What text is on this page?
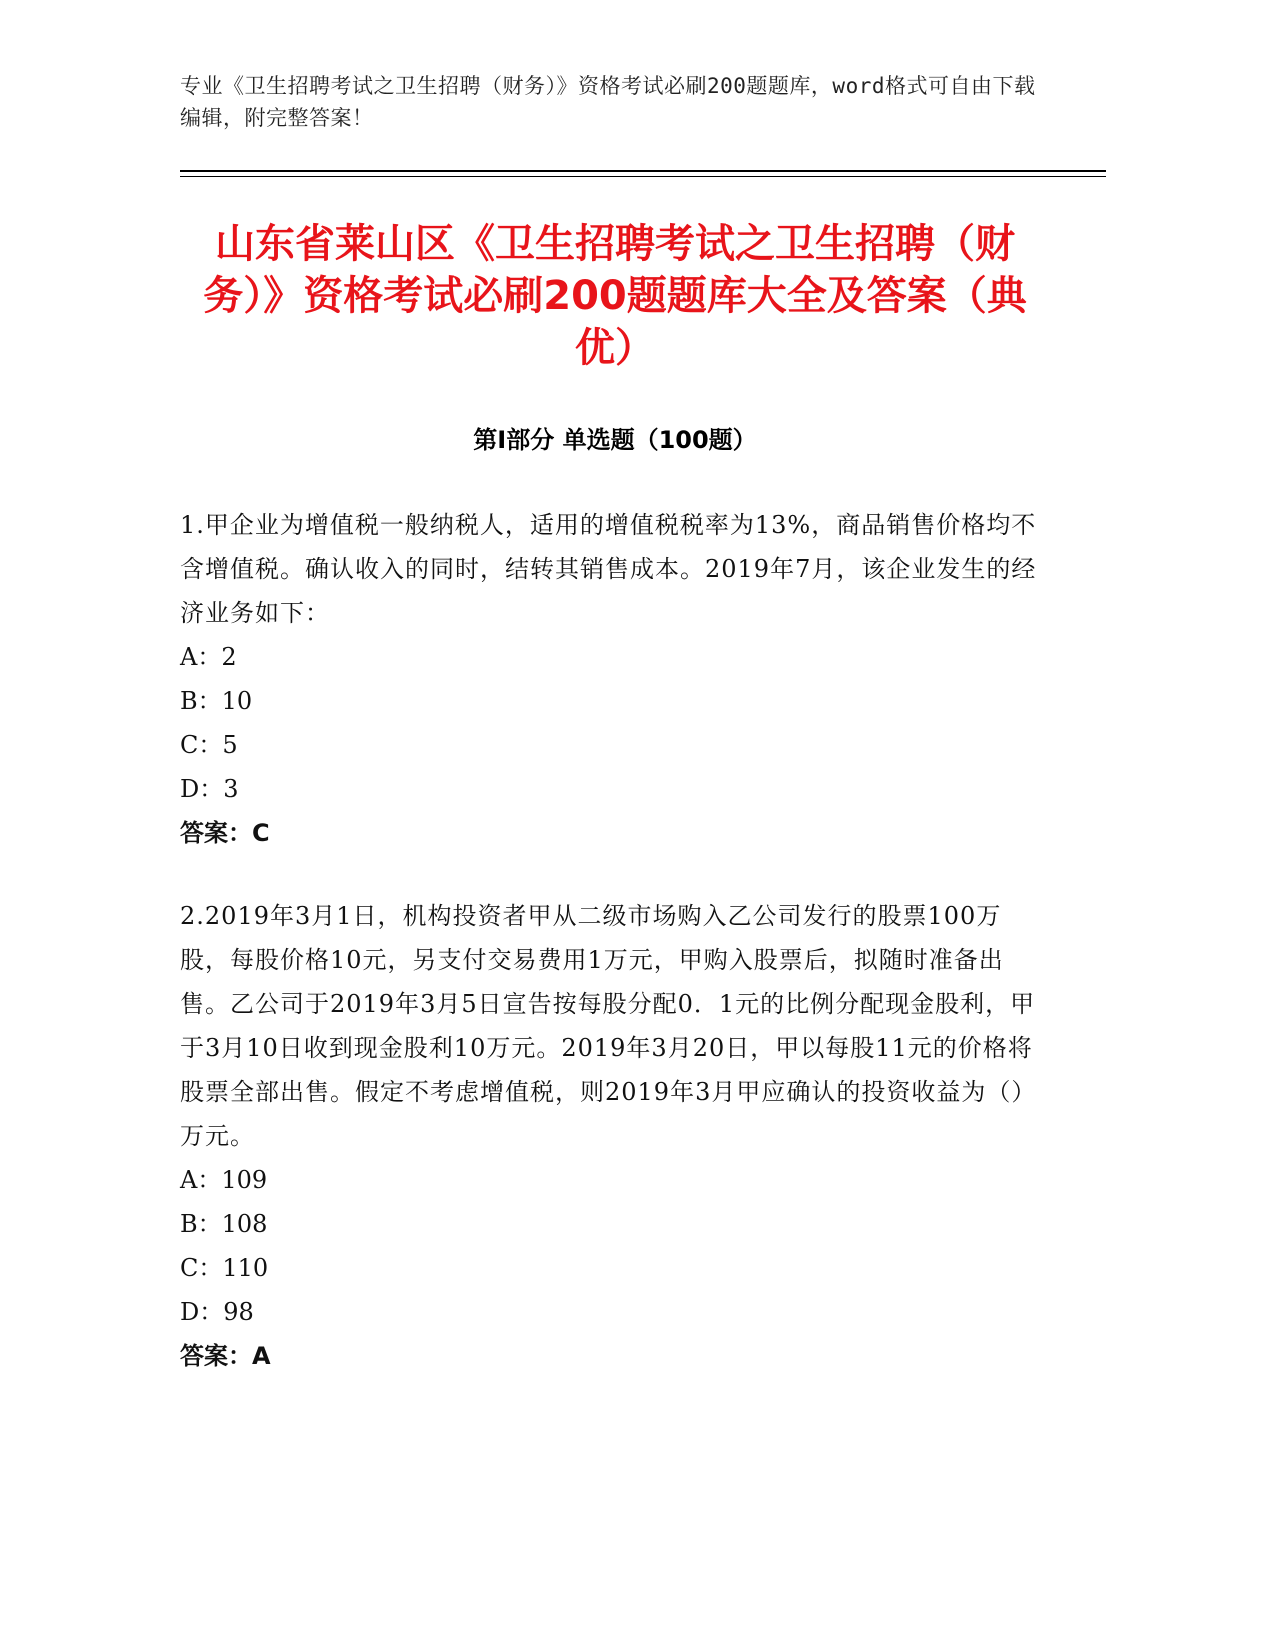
专业《卫生招聘考试之卫生招聘（财务）》资格考试必刷200题题库，word格式可自由下载编辑，附完整答案！
山东省莱山区《卫生招聘考试之卫生招聘（财务）》资格考试必刷200题题库大全及答案（典优）
第Ⅰ部分 单选题（100题）

1.甲企业为增值税一般纳税人，适用的增值税税率为13%，商品销售价格均不含增值税。确认收入的同时，结转其销售成本。2019年7月，该企业发生的经济业务如下：

A：2
B：10
C：5
D：3

答案：C

2.2019年3月1日，机构投资者甲从二级市场购入乙公司发行的股票100万股，每股价格10元，另支付交易费用1万元，甲购入股票后，拟随时准备出售。乙公司于2019年3月5日宣告按每股分配0．1元的比例分配现金股利，甲于3月10日收到现金股利10万元。2019年3月20日，甲以每股11元的价格将股票全部出售。假定不考虑增值税，则2019年3月甲应确认的投资收益为（）万元。

A：109
B：108
C：110
D：98

答案：A
